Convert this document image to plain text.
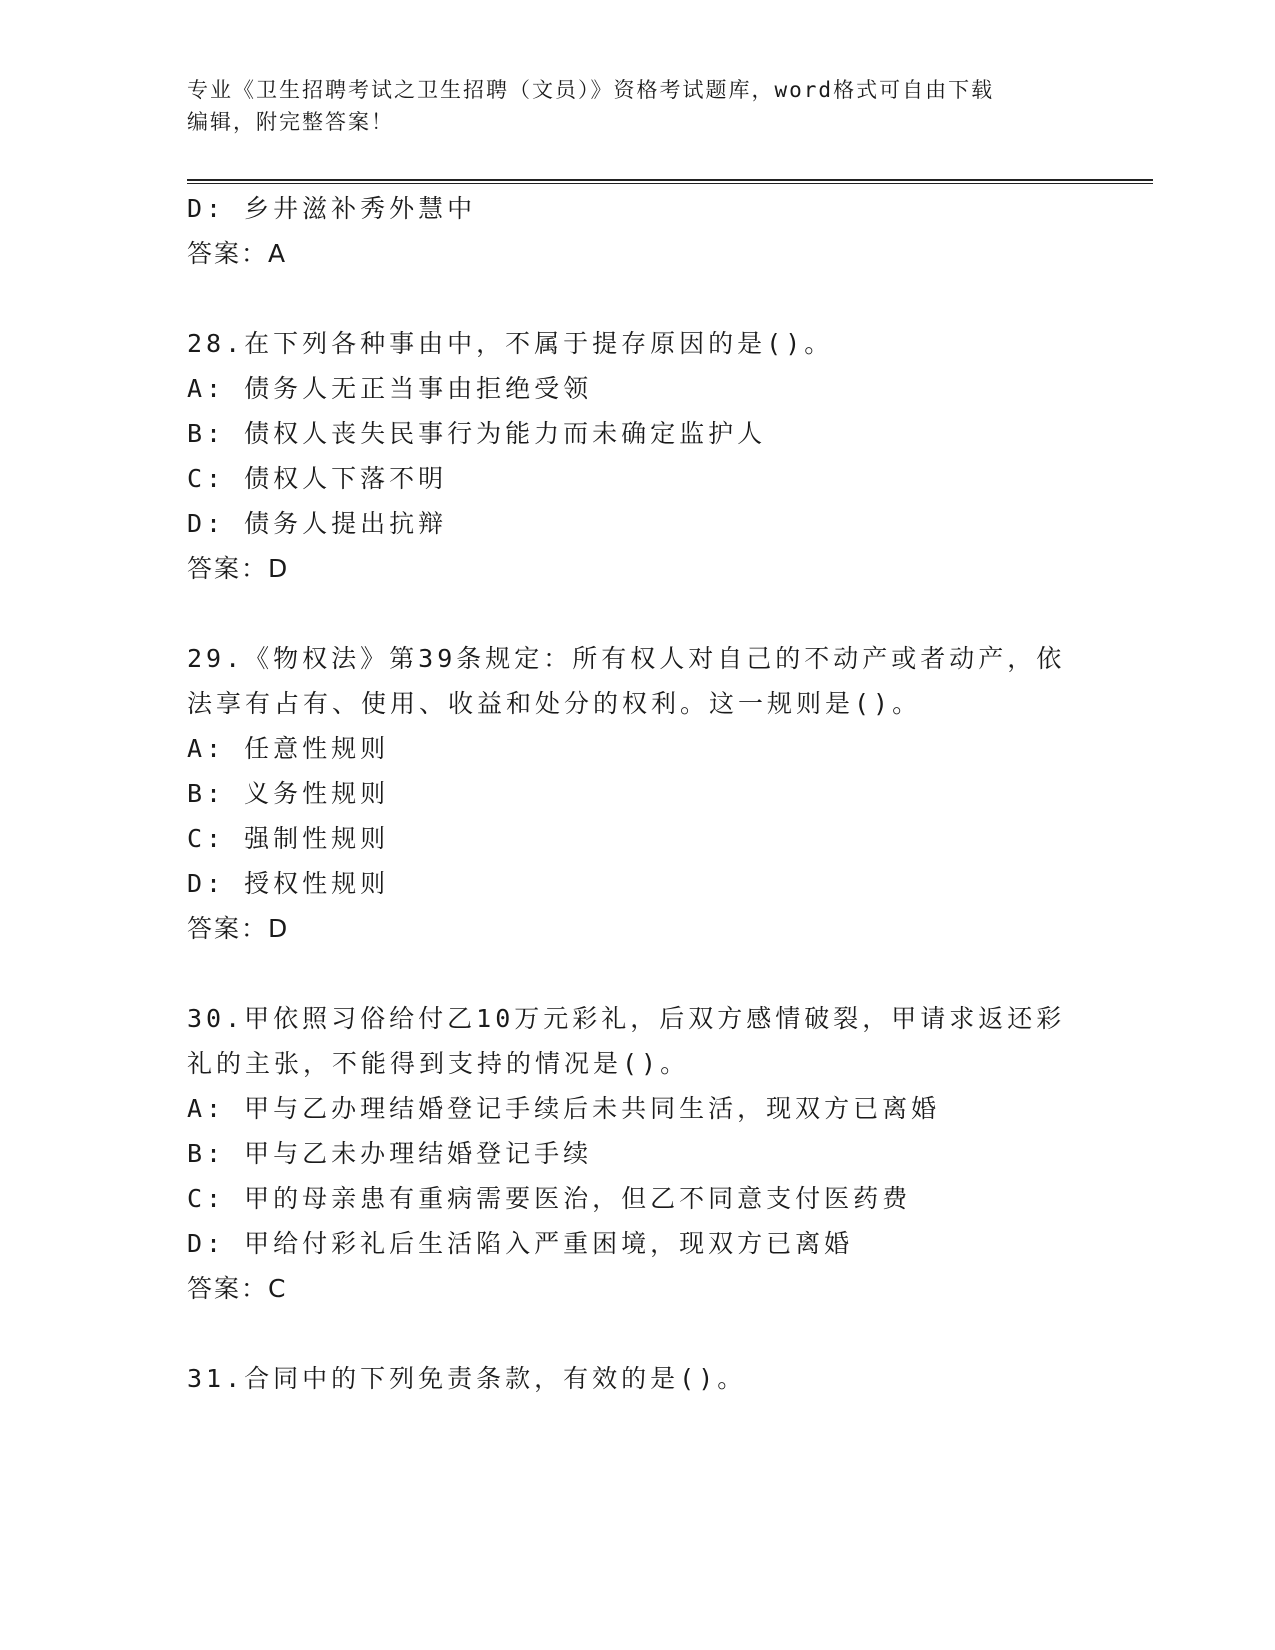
专业《卫生招聘考试之卫生招聘（文员）》资格考试题库，word格式可自由下载
编辑，附完整答案！
D: 乡井滋补秀外慧中
答案：A
28.在下列各种事由中，不属于提存原因的是()。
A: 债务人无正当事由拒绝受领
B: 债权人丧失民事行为能力而未确定监护人
C: 债权人下落不明
D: 债务人提出抗辩
答案：D
29.《物权法》第39条规定：所有权人对自己的不动产或者动产，依
法享有占有、使用、收益和处分的权利。这一规则是()。
A: 任意性规则
B: 义务性规则
C: 强制性规则
D: 授权性规则
答案：D
30.甲依照习俗给付乙10万元彩礼，后双方感情破裂，甲请求返还彩
礼的主张，不能得到支持的情况是()。
A: 甲与乙办理结婚登记手续后未共同生活，现双方已离婚
B: 甲与乙未办理结婚登记手续
C: 甲的母亲患有重病需要医治，但乙不同意支付医药费
D: 甲给付彩礼后生活陷入严重困境，现双方已离婚
答案：C
31.合同中的下列免责条款，有效的是()。
